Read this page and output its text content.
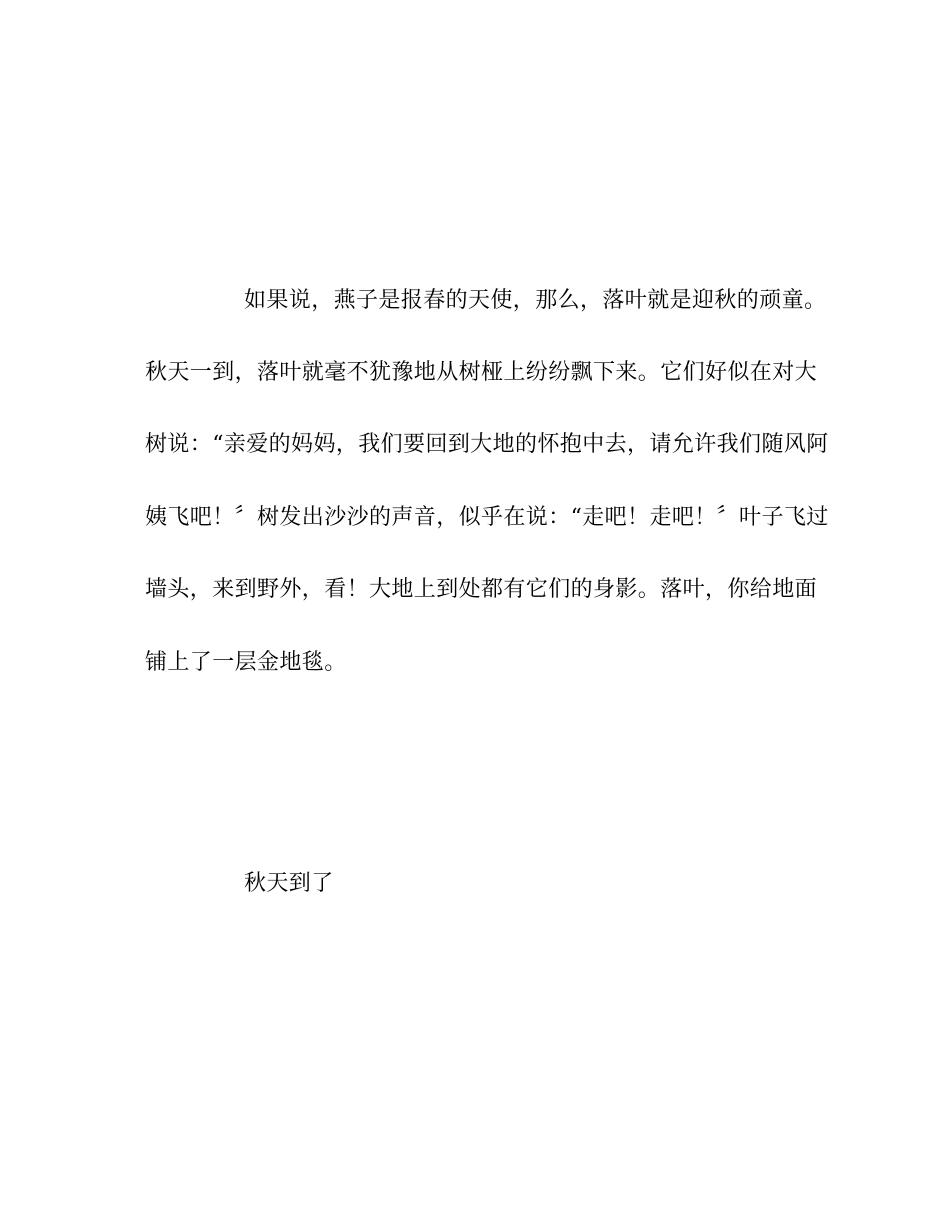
如果说，燕子是报春的天使，那么，落叶就是迎秋的顽童。
秋天一到，落叶就毫不犹豫地从树桠上纷纷飘下来。它们好似在对大
树说：“亲爱的妈妈，我们要回到大地的怀抱中去，请允许我们随风阿
姨飞吧！〞树发出沙沙的声音，似乎在说：“走吧！走吧！〞叶子飞过
墙头，来到野外，看！大地上到处都有它们的身影。落叶，你给地面
铺上了一层金地毯。
秋天到了
